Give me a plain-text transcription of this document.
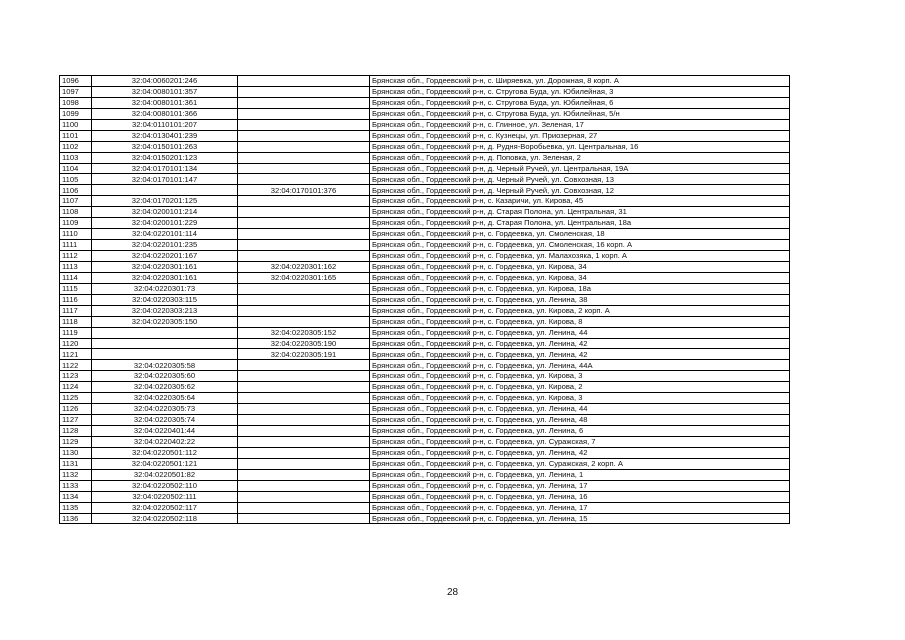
1096	32:04:0060201:246		Брянская обл., Гордеевский р-н, с. Ширяевка, ул. Дорожная, 8 корп. А
1097	32:04:0080101:357		Брянская обл., Гордеевский р-н, с. Стругова Буда, ул. Юбилейная, 3
1098	32:04:0080101:361		Брянская обл., Гордеевский р-н, с. Стругова Буда, ул. Юбилейная, 6
1099	32:04:0080101:366		Брянская обл., Гордеевский р-н, с. Стругова Буда, ул. Юбилейная, 5/н
1100	32:04:0110101:207		Брянская обл., Гордеевский р-н, с. Глинное, ул. Зеленая, 17
1101	32:04:0130401:239		Брянская обл., Гордеевский р-н, с. Кузнецы, ул. Приозерная, 27
1102	32:04:0150101:263		Брянская обл., Гордеевский р-н, д. Рудня-Воробьевка, ул. Центральная, 16
1103	32:04:0150201:123		Брянская обл., Гордеевский р-н, д. Поповка, ул. Зеленая, 2
1104	32:04:0170101:134		Брянская обл., Гордеевский р-н, д. Черный Ручей, ул. Центральная, 19А
1105	32:04:0170101:147		Брянская обл., Гордеевский р-н, д. Черный Ручей, ул. Совхозная, 13
1106		32:04:0170101:376	Брянская обл., Гордеевский р-н, д. Черный Ручей, ул. Совхозная, 12
1107	32:04:0170201:125		Брянская обл., Гордеевский р-н, с. Казаричи, ул. Кирова, 45
1108	32:04:0200101:214		Брянская обл., Гордеевский р-н, д. Старая Полона, ул. Центральная, 31
1109	32:04:0200101:229		Брянская обл., Гордеевский р-н, д. Старая Полона, ул. Центральная, 18а
1110	32:04:0220101:114		Брянская обл., Гордеевский р-н, с. Гордеевка, ул. Смоленская, 18
1111	32:04:0220101:235		Брянская обл., Гордеевский р-н, с. Гордеевка, ул. Смоленская, 16 корп. А
1112	32:04:0220201:167		Брянская обл., Гордеевский р-н, с. Гордеевка, ул. Малахозяка, 1 корп. А
1113	32:04:0220301:161	32:04:0220301:162	Брянская обл., Гордеевский р-н, с. Гордеевка, ул. Кирова, 34
1114	32:04:0220301:161	32:04:0220301:165	Брянская обл., Гордеевский р-н, с. Гордеевка, ул. Кирова, 34
1115	32:04:0220301:73		Брянская обл., Гордеевский р-н, с. Гордеевка, ул. Кирова, 18а
1116	32:04:0220303:115		Брянская обл., Гордеевский р-н, с. Гордеевка, ул. Ленина, 38
1117	32:04:0220303:213		Брянская обл., Гордеевский р-н, с. Гордеевка, ул. Кирова, 2 корп. А
1118	32:04:0220305:150		Брянская обл., Гордеевский р-н, с. Гордеевка, ул. Кирова, 8
1119		32:04:0220305:152	Брянская обл., Гордеевский р-н, с. Гордеевка, ул. Ленина, 44
1120		32:04:0220305:190	Брянская обл., Гордеевский р-н, с. Гордеевка, ул. Ленина, 42
1121		32:04:0220305:191	Брянская обл., Гордеевский р-н, с. Гордеевка, ул. Ленина, 42
1122	32:04:0220305:58		Брянская обл., Гордеевский р-н, с. Гордеевка, ул. Ленина, 44А
1123	32:04:0220305:60		Брянская обл., Гордеевский р-н, с. Гордеевка, ул. Кирова, 3
1124	32:04:0220305:62		Брянская обл., Гордеевский р-н, с. Гордеевка, ул. Кирова, 2
1125	32:04:0220305:64		Брянская обл., Гордеевский р-н, с. Гордеевка, ул. Кирова, 3
1126	32:04:0220305:73		Брянская обл., Гордеевский р-н, с. Гордеевка, ул. Ленина, 44
1127	32:04:0220305:74		Брянская обл., Гордеевский р-н, с. Гордеевка, ул. Ленина, 48
1128	32:04:0220401:44		Брянская обл., Гордеевский р-н, с. Гордеевка, ул. Ленина, 6
1129	32:04:0220402:22		Брянская обл., Гордеевский р-н, с. Гордеевка, ул. Суражская, 7
1130	32:04:0220501:112		Брянская обл., Гордеевский р-н, с. Гордеевка, ул. Ленина, 42
1131	32:04:0220501:121		Брянская обл., Гордеевский р-н, с. Гордеевка, ул. Суражская, 2 корп. А
1132	32:04:0220501:82		Брянская обл., Гордеевский р-н, с. Гордеевка, ул. Ленина, 1
1133	32:04:0220502:110		Брянская обл., Гордеевский р-н, с. Гордеевка, ул. Ленина, 17
1134	32:04:0220502:111		Брянская обл., Гордеевский р-н, с. Гордеевка, ул. Ленина, 16
1135	32:04:0220502:117		Брянская обл., Гордеевский р-н, с. Гордеевка, ул. Ленина, 17
1136	32:04:0220502:118		Брянская обл., Гордеевский р-н, с. Гордеевка, ул. Ленина, 15
28
